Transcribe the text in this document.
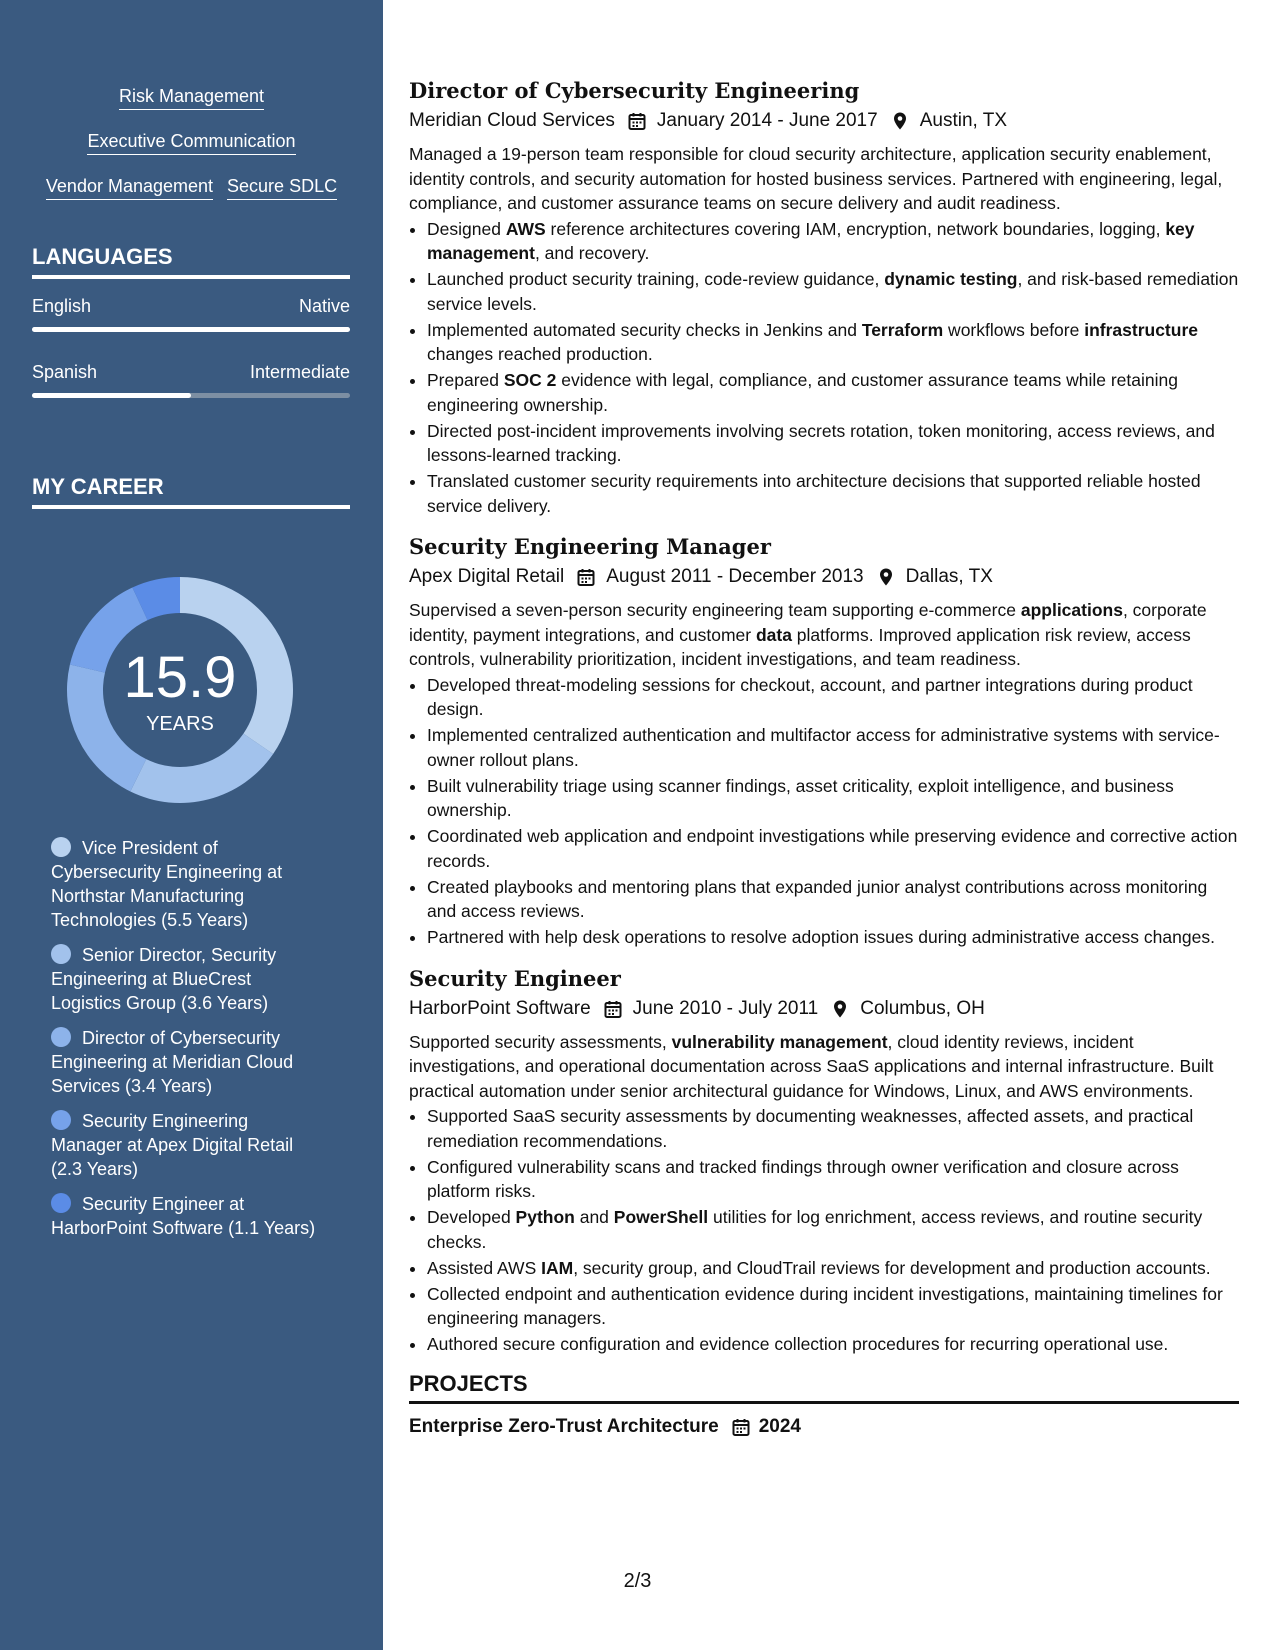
Risk Management
Executive Communication
Vendor Management Secure SDLC
LANGUAGES
English	Native
Spanish	Intermediate
MY CAREER
15.9
YEARS
Vice President of Cybersecurity Engineering at Northstar Manufacturing Technologies (5.5 Years)
Senior Director, Security Engineering at BlueCrest Logistics Group (3.6 Years)
Director of Cybersecurity Engineering at Meridian Cloud Services (3.4 Years)
Security Engineering Manager at Apex Digital Retail (2.3 Years)
Security Engineer at HarborPoint Software (1.1 Years)
Director of Cybersecurity Engineering
Meridian Cloud Services January 2014 - June 2017 Austin, TX

Managed a 19-person team responsible for cloud security architecture, application security enablement, identity controls, and security automation for hosted business services. Partnered with engineering, legal, compliance, and customer assurance teams on secure delivery and audit readiness.

• Designed AWS reference architectures covering IAM, encryption, network boundaries, logging, key management, and recovery.
• Launched product security training, code-review guidance, dynamic testing, and risk-based remediation service levels.
• Implemented automated security checks in Jenkins and Terraform workflows before infrastructure changes reached production.
• Prepared SOC 2 evidence with legal, compliance, and customer assurance teams while retaining engineering ownership.
• Directed post-incident improvements involving secrets rotation, token monitoring, access reviews, and lessons-learned tracking.
• Translated customer security requirements into architecture decisions that supported reliable hosted service delivery.
Security Engineering Manager
Apex Digital Retail August 2011 - December 2013 Dallas, TX

Supervised a seven-person security engineering team supporting e-commerce applications, corporate identity, payment integrations, and customer data platforms. Improved application risk review, access controls, vulnerability prioritization, incident investigations, and team readiness.

• Developed threat-modeling sessions for checkout, account, and partner integrations during product design.
• Implemented centralized authentication and multifactor access for administrative systems with service-owner rollout plans.
• Built vulnerability triage using scanner findings, asset criticality, exploit intelligence, and business ownership.
• Coordinated web application and endpoint investigations while preserving evidence and corrective action records.
• Created playbooks and mentoring plans that expanded junior analyst contributions across monitoring and access reviews.
• Partnered with help desk operations to resolve adoption issues during administrative access changes.
Security Engineer
HarborPoint Software June 2010 - July 2011 Columbus, OH

Supported security assessments, vulnerability management, cloud identity reviews, incident investigations, and operational documentation across SaaS applications and internal infrastructure. Built practical automation under senior architectural guidance for Windows, Linux, and AWS environments.

• Supported SaaS security assessments by documenting weaknesses, affected assets, and practical remediation recommendations.
• Configured vulnerability scans and tracked findings through owner verification and closure across platform risks.
• Developed Python and PowerShell utilities for log enrichment, access reviews, and routine security checks.
• Assisted AWS IAM, security group, and CloudTrail reviews for development and production accounts.
• Collected endpoint and authentication evidence during incident investigations, maintaining timelines for engineering managers.
• Authored secure configuration and evidence collection procedures for recurring operational use.
PROJECTS
Enterprise Zero-Trust Architecture 2024
2/3
